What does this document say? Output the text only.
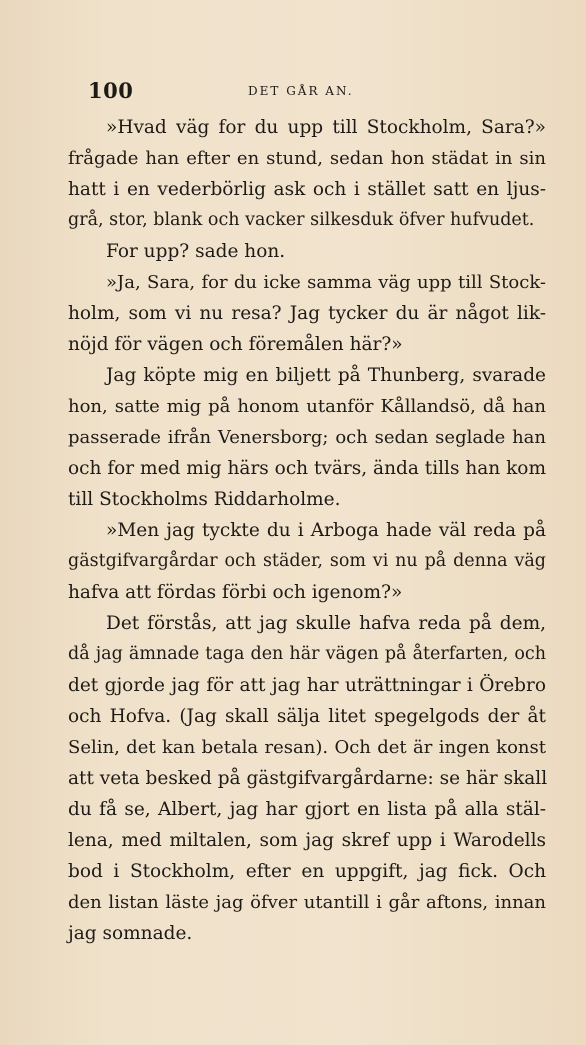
100	DET GÅR AN.
»Hvad väg for du upp till Stockholm, Sara?»
frågade han efter en stund, sedan hon städat in sin
hatt i en vederbörlig ask och i stället satt en ljus-
grå, stor, blank och vacker silkesduk öfver hufvudet.
For upp? sade hon.
»Ja, Sara, for du icke samma väg upp till Stock-
holm, som vi nu resa? Jag tycker du är något lik-
nöjd för vägen och föremålen här?»
Jag köpte mig en biljett på Thunberg, svarade
hon, satte mig på honom utanför Kållandsö, då han
passerade ifrån Venersborg; och sedan seglade han
och for med mig härs och tvärs, ända tills han kom
till Stockholms Riddarholme.
»Men jag tyckte du i Arboga hade väl reda på
gästgifvargårdar och städer, som vi nu på denna väg
hafva att fördas förbi och igenom?»
Det förstås, att jag skulle hafva reda på dem,
då jag ämnade taga den här vägen på återfarten, och
det gjorde jag för att jag har uträttningar i Örebro
och Hofva. (Jag skall sälja litet spegelgods der åt
Selin, det kan betala resan). Och det är ingen konst
att veta besked på gästgifvargårdarne: se här skall
du få se, Albert, jag har gjort en lista på alla stäl-
lena, med miltalen, som jag skref upp i Warodells
bod i Stockholm, efter en uppgift, jag fick. Och
den listan läste jag öfver utantill i går aftons, innan
jag somnade.
